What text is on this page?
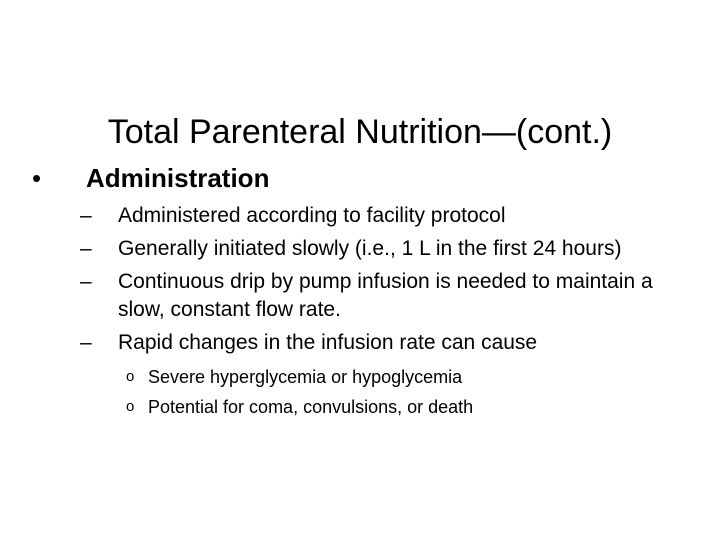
Total Parenteral Nutrition—(cont.)
•	Administration
–	Administered according to facility protocol
–	Generally initiated slowly (i.e., 1 L in the first 24 hours)
–	Continuous drip by pump infusion is needed to maintain a slow, constant flow rate.
–	Rapid changes in the infusion rate can cause
o Severe hyperglycemia or hypoglycemia
o Potential for coma, convulsions, or death
